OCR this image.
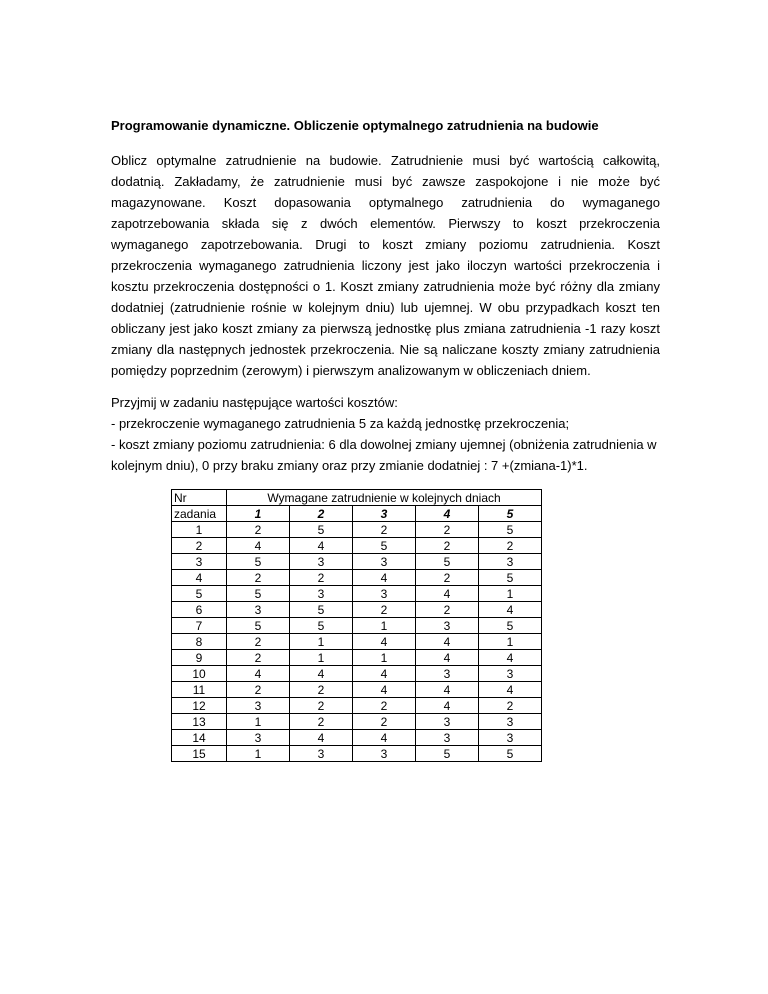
Programowanie dynamiczne. Obliczenie optymalnego zatrudnienia na budowie
Oblicz optymalne zatrudnienie na budowie. Zatrudnienie musi być wartością całkowitą, dodatnią. Zakładamy, że zatrudnienie musi być zawsze zaspokojone i nie może być magazynowane. Koszt dopasowania optymalnego zatrudnienia do wymaganego zapotrzebowania składa się z dwóch elementów. Pierwszy to koszt przekroczenia wymaganego zapotrzebowania. Drugi to koszt zmiany poziomu zatrudnienia. Koszt przekroczenia wymaganego zatrudnienia liczony jest jako iloczyn wartości przekroczenia i kosztu przekroczenia dostępności o 1. Koszt zmiany zatrudnienia może być różny dla zmiany dodatniej (zatrudnienie rośnie w kolejnym dniu) lub ujemnej. W obu przypadkach koszt ten obliczany jest jako koszt zmiany za pierwszą jednostkę plus zmiana zatrudnienia -1 razy koszt zmiany dla następnych jednostek przekroczenia. Nie są naliczane koszty zmiany zatrudnienia pomiędzy poprzednim (zerowym) i pierwszym analizowanym w obliczeniach dniem.
Przyjmij w zadaniu następujące wartości kosztów:
- przekroczenie wymaganego zatrudnienia 5 za każdą jednostkę przekroczenia;
- koszt zmiany poziomu zatrudnienia: 6 dla dowolnej zmiany ujemnej (obniżenia zatrudnienia w
kolejnym dniu), 0 przy braku zmiany oraz przy zmianie dodatniej : 7 +(zmiana-1)*1.
Nr	Wymagane zatrudnienie w kolejnych dniach				
zadania	1	2	3	4	5
1	2	5	2	2	5
2	4	4	5	2	2
3	5	3	3	5	3
4	2	2	4	2	5
5	5	3	3	4	1
6	3	5	2	2	4
7	5	5	1	3	5
8	2	1	4	4	1
9	2	1	1	4	4
10	4	4	4	3	3
11	2	2	4	4	4
12	3	2	2	4	2
13	1	2	2	3	3
14	3	4	4	3	3
15	1	3	3	5	5
